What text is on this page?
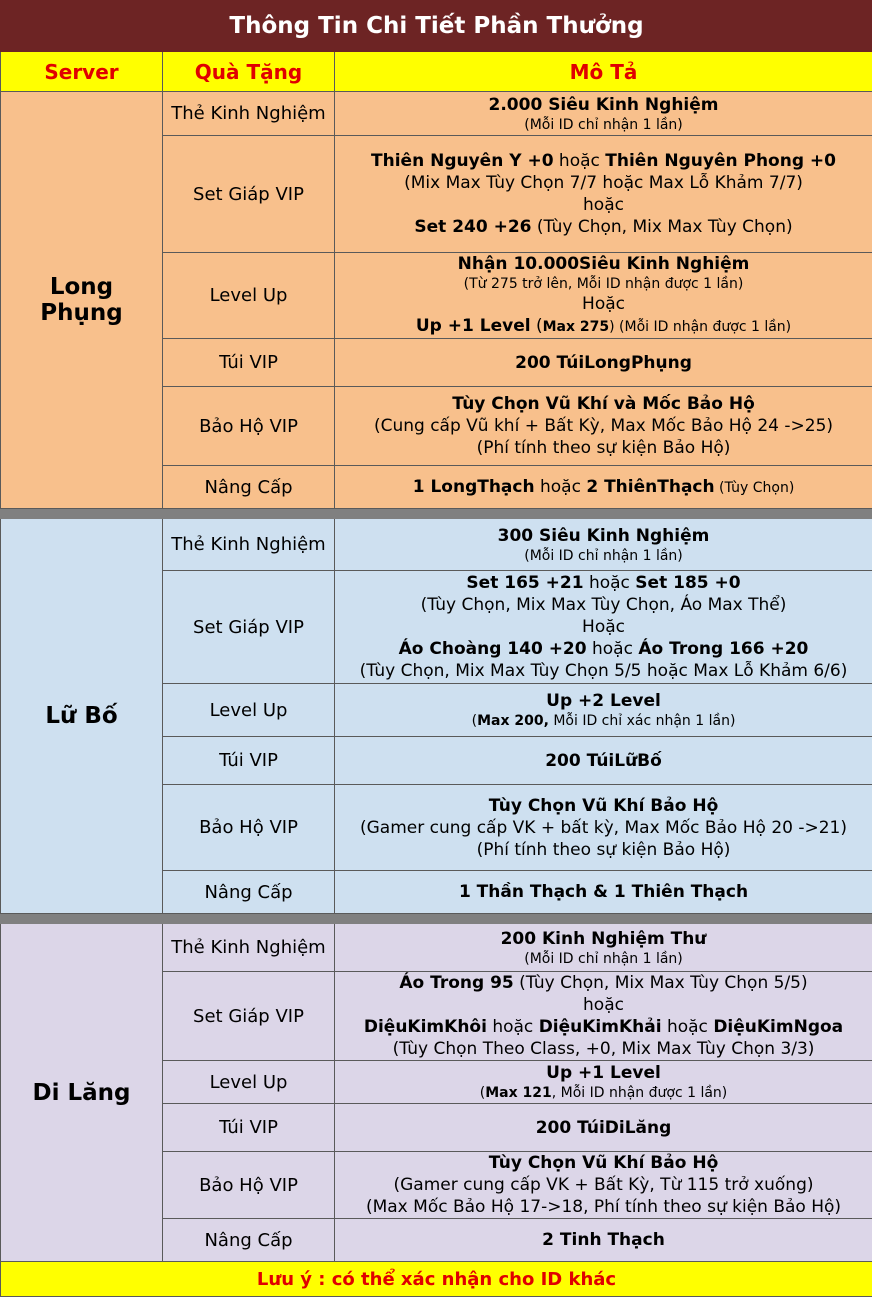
Thông Tin Chi Tiết Phần Thưởng		
Server	Quà Tặng	Mô Tả
Long Phụng	Thẻ Kinh Nghiệm	2.000 Siêu Kinh Nghiệm
(Mỗi ID chỉ nhận 1 lần)

	Set Giáp VIP	Thiên Nguyên Y +0 hoặc Thiên Nguyên Phong +0
(Mix Max Tùy Chọn 7/7 hoặc Max Lỗ Khảm 7/7)
hoặc
Set 240 +26 (Tùy Chọn, Mix Max Tùy Chọn)

	Level Up	Nhận 10.000Siêu Kinh Nghiệm
(Từ 275 trở lên, Mỗi ID nhận được 1 lần)
Hoặc
Up +1 Level (Max 275) (Mỗi ID nhận được 1 lần)

	Túi VIP	200 TúiLongPhụng

	Bảo Hộ VIP	Tùy Chọn Vũ Khí và Mốc Bảo Hộ
(Cung cấp Vũ khí + Bất Kỳ, Max Mốc Bảo Hộ 24 ->25)
(Phí tính theo sự kiện Bảo Hộ)

	Nâng Cấp	1 LongThạch hoặc 2 ThiênThạch (Tùy Chọn)

Lữ Bố	Thẻ Kinh Nghiệm	300 Siêu Kinh Nghiệm
(Mỗi ID chỉ nhận 1 lần)

	Set Giáp VIP	Set 165 +21 hoặc Set 185 +0
(Tùy Chọn, Mix Max Tùy Chọn, Áo Max Thể)
Hoặc
Áo Choàng 140 +20 hoặc Áo Trong 166 +20
(Tùy Chọn, Mix Max Tùy Chọn 5/5 hoặc Max Lỗ Khảm 6/6)

	Level Up	Up +2 Level
(Max 200, Mỗi ID chỉ xác nhận 1 lần)

	Túi VIP	200 TúiLữBố

	Bảo Hộ VIP	Tùy Chọn Vũ Khí Bảo Hộ
(Gamer cung cấp VK + bất kỳ, Max Mốc Bảo Hộ 20 ->21)
(Phí tính theo sự kiện Bảo Hộ)

	Nâng Cấp	1 Thần Thạch & 1 Thiên Thạch

Di Lăng	Thẻ Kinh Nghiệm	200 Kinh Nghiệm Thư
(Mỗi ID chỉ nhận 1 lần)

	Set Giáp VIP	Áo Trong 95 (Tùy Chọn, Mix Max Tùy Chọn 5/5)
hoặc
DiệuKimKhôi hoặc DiệuKimKhải hoặc DiệuKimNgoa
(Tùy Chọn Theo Class, +0, Mix Max Tùy Chọn 3/3)

	Level Up	Up +1 Level
(Max 121, Mỗi ID nhận được 1 lần)

	Túi VIP	200 TúiDiLăng

	Bảo Hộ VIP	Tùy Chọn Vũ Khí Bảo Hộ
(Gamer cung cấp VK + Bất Kỳ, Từ 115 trở xuống)
(Max Mốc Bảo Hộ 17->18, Phí tính theo sự kiện Bảo Hộ)

	Nâng Cấp	2 Tinh Thạch

Lưu ý : có thể xác nhận cho ID khác		
